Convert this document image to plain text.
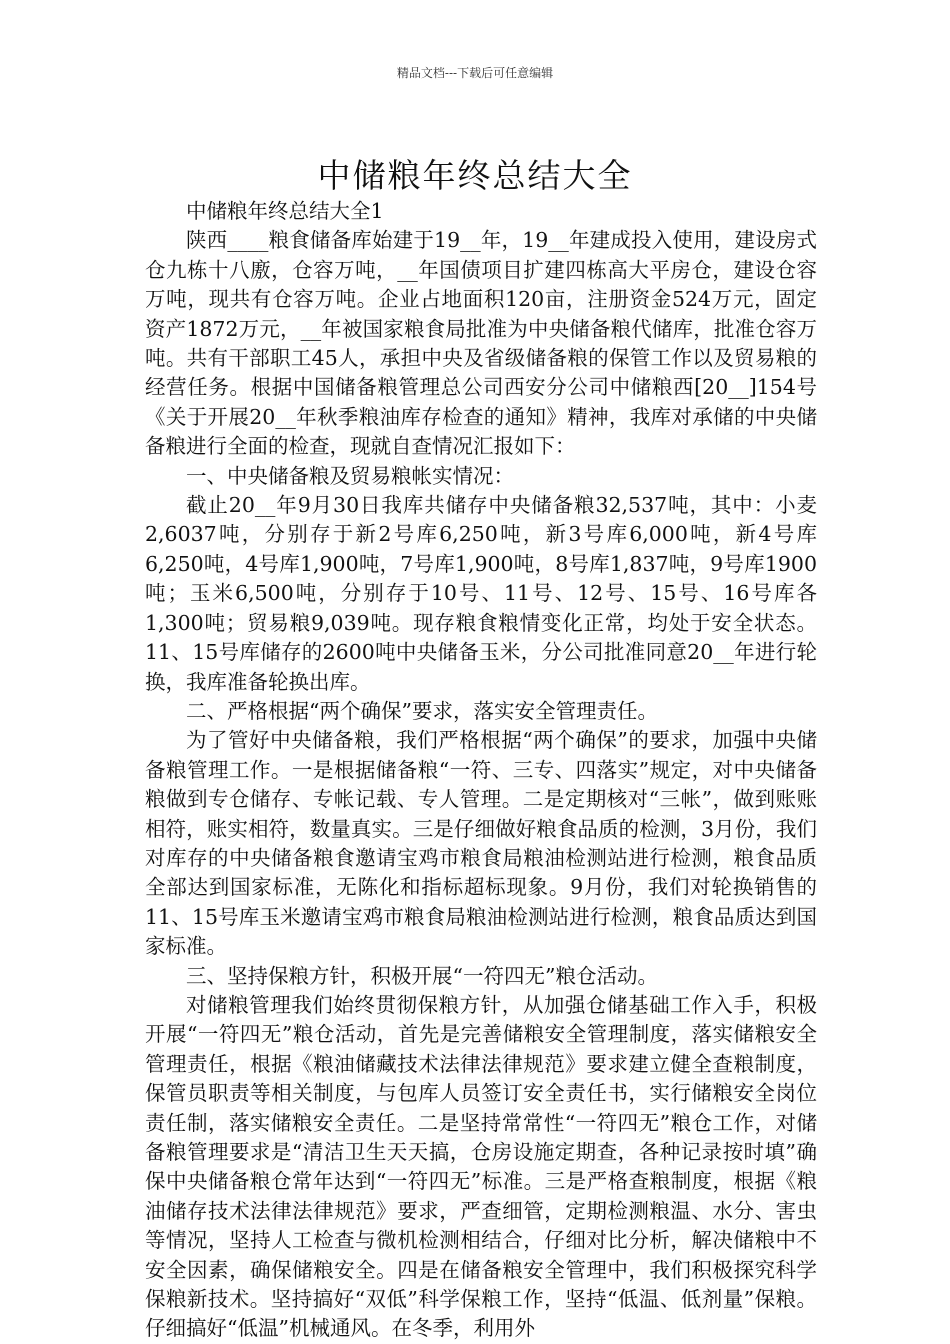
精品文档---下载后可任意编辑
中储粮年终总结大全

中储粮年终总结大全1

陕西____粮食储备库始建于19__年，19__年建成投入使用，建设房式仓九栋十八廒，仓容万吨，__年国债项目扩建四栋高大平房仓，建设仓容万吨，现共有仓容万吨。企业占地面积120亩，注册资金524万元，固定资产1872万元，__年被国家粮食局批准为中央储备粮代储库，批准仓容万吨。共有干部职工45人，承担中央及省级储备粮的保管工作以及贸易粮的经营任务。根据中国储备粮管理总公司西安分公司中储粮西[20__]154号《关于开展20__年秋季粮油库存检查的通知》精神，我库对承储的中央储备粮进行全面的检查，现就自查情况汇报如下：

一、中央储备粮及贸易粮帐实情况：

截止20__年9月30日我库共储存中央储备粮32,537吨，其中：小麦2,6037吨，分别存于新2号库6,250吨，新3号库6,000吨，新4号库6,250吨，4号库1,900吨，7号库1,900吨，8号库1,837吨，9号库1900吨；玉米6,500吨，分别存于10号、11号、12号、15号、16号库各1,300吨；贸易粮9,039吨。现存粮食粮情变化正常，均处于安全状态。11、15号库储存的2600吨中央储备玉米，分公司批准同意20__年进行轮换，我库准备轮换出库。

二、严格根据“两个确保”要求，落实安全管理责任。

为了管好中央储备粮，我们严格根据“两个确保”的要求，加强中央储备粮管理工作。一是根据储备粮“一符、三专、四落实”规定，对中央储备粮做到专仓储存、专帐记载、专人管理。二是定期核对“三帐”，做到账账相符，账实相符，数量真实。三是仔细做好粮食品质的检测，3月份，我们对库存的中央储备粮食邀请宝鸡市粮食局粮油检测站进行检测，粮食品质全部达到国家标准，无陈化和指标超标现象。9月份，我们对轮换销售的11、15号库玉米邀请宝鸡市粮食局粮油检测站进行检测，粮食品质达到国家标准。

三、坚持保粮方针，积极开展“一符四无”粮仓活动。

对储粮管理我们始终贯彻保粮方针，从加强仓储基础工作入手，积极开展“一符四无”粮仓活动，首先是完善储粮安全管理制度，落实储粮安全管理责任，根据《粮油储藏技术法律法律规范》要求建立健全查粮制度，保管员职责等相关制度，与包库人员签订安全责任书，实行储粮安全岗位责任制，落实储粮安全责任。二是坚持常常性“一符四无”粮仓工作，对储备粮管理要求是“清洁卫生天天搞，仓房设施定期查，各种记录按时填”确保中央储备粮仓常年达到“一符四无”标准。三是严格查粮制度，根据《粮油储存技术法律法律规范》要求，严查细管，定期检测粮温、水分、害虫等情况，坚持人工检查与微机检测相结合，仔细对比分析，解决储粮中不安全因素，确保储粮安全。四是在储备粮安全管理中，我们积极探究科学保粮新技术。坚持搞好“双低”科学保粮工作，坚持“低温、低剂量”保粮。仔细搞好“低温”机械通风。在冬季，利用外
